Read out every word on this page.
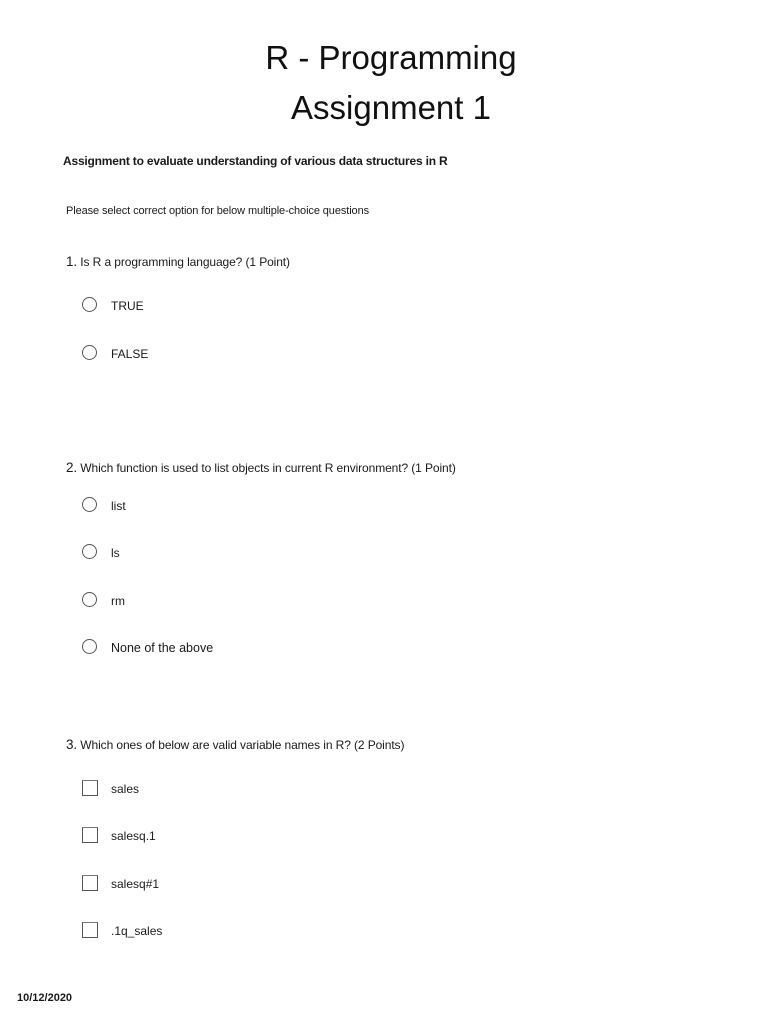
R - Programming
Assignment 1
Assignment to evaluate understanding of various data structures in R
Please select correct option for below multiple-choice questions
1. Is R a programming language? (1 Point)
TRUE
FALSE
2. Which function is used to list objects in current R environment? (1 Point)
list
ls
rm
None of the above
3. Which ones of below are valid variable names in R? (2 Points)
sales
salesq.1
salesq#1
.1q_sales
10/12/2020
